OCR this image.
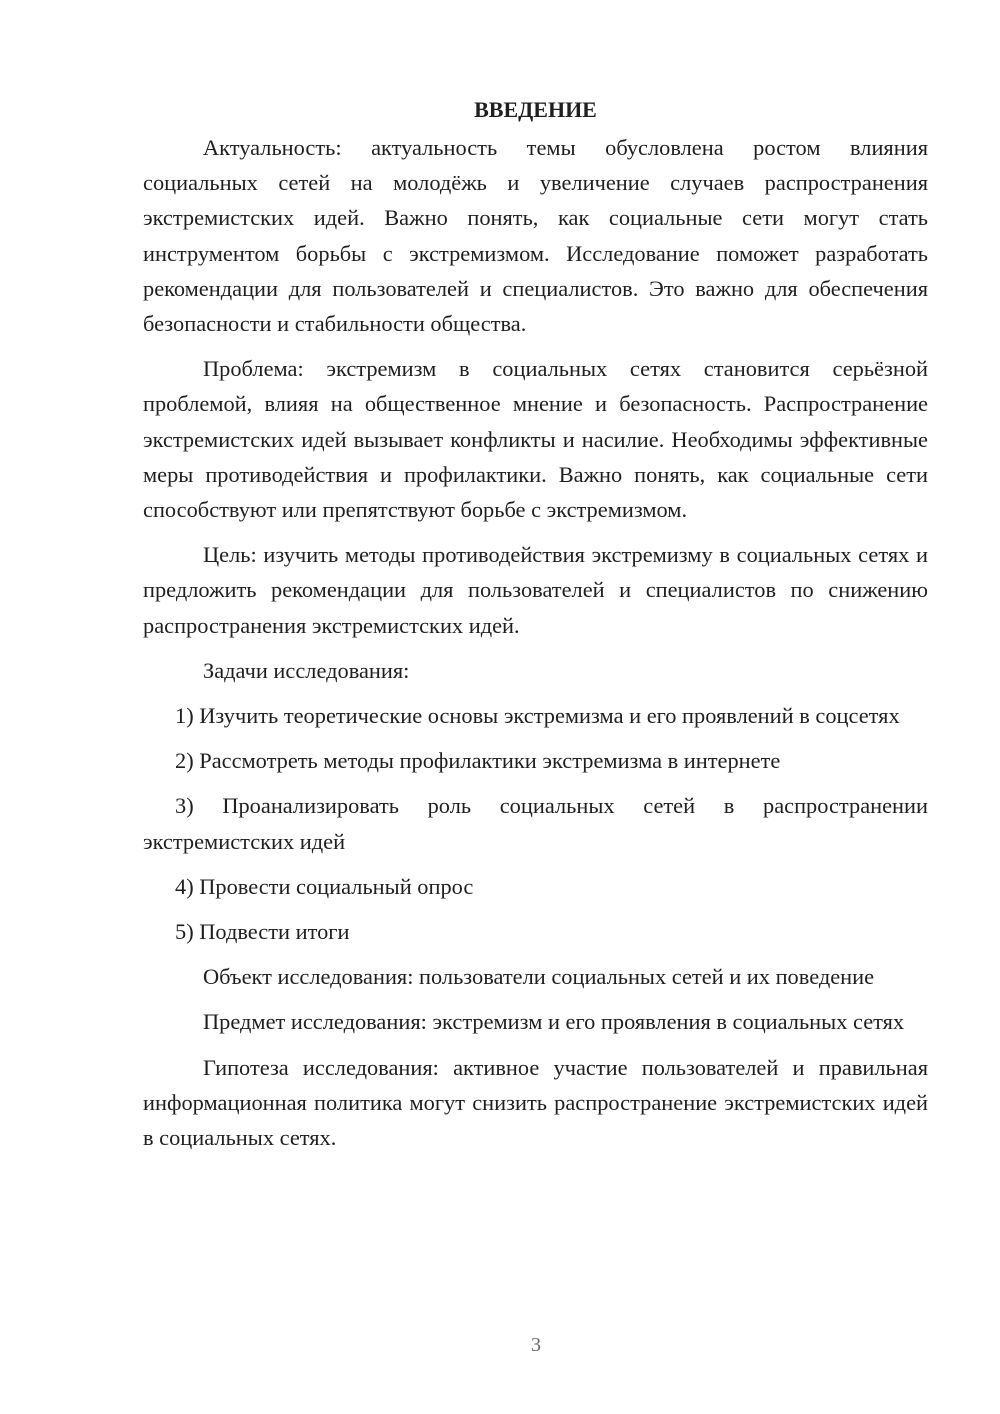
ВВЕДЕНИЕ

Актуальность: актуальность темы обусловлена ростом влияния социальных сетей на молодёжь и увеличение случаев распространения экстремистских идей. Важно понять, как социальные сети могут стать инструментом борьбы с экстремизмом. Исследование поможет разработать рекомендации для пользователей и специалистов. Это важно для обеспечения безопасности и стабильности общества.

Проблема: экстремизм в социальных сетях становится серьёзной проблемой, влияя на общественное мнение и безопасность. Распространение экстремистских идей вызывает конфликты и насилие. Необходимы эффективные меры противодействия и профилактики. Важно понять, как социальные сети способствуют или препятствуют борьбе с экстремизмом.

Цель: изучить методы противодействия экстремизму в социальных сетях и предложить рекомендации для пользователей и специалистов по снижению распространения экстремистских идей.

Задачи исследования:

1) Изучить теоретические основы экстремизма и его проявлений в соцсетях

2) Рассмотреть методы профилактики экстремизма в интернете

3) Проанализировать роль социальных сетей в распространении экстремистских идей

4) Провести социальный опрос

5) Подвести итоги

Объект исследования: пользователи социальных сетей и их поведение

Предмет исследования: экстремизм и его проявления в социальных сетях

Гипотеза исследования: активное участие пользователей и правильная информационная политика могут снизить распространение экстремистских идей в социальных сетях.

3
